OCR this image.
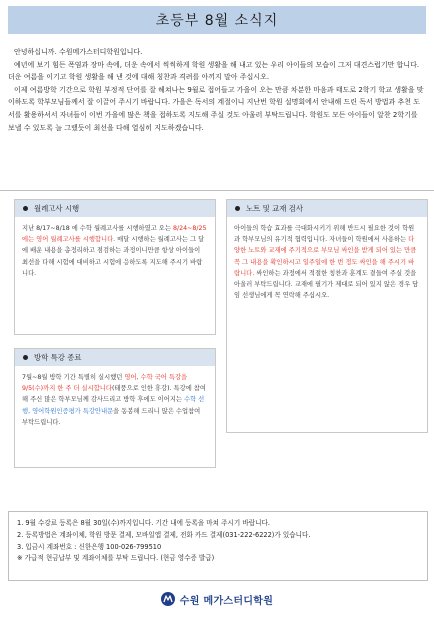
초등부 8월 소식지

안녕하십니까. 수원메가스터디학원입니다.

예년에 보기 힘든 폭염과 장마 속에, 더운 속에서 씩씩하게 학원 생활을 해 내고 있는 우리 아이들의 모습이 그저 대견스럽기만 합니다. 더운 여름을 이기고 학원 생활을 해 낸 것에 대해 칭찬과 격려를 아끼지 말아 주십시오.

이제 여름방학 기간으로 학원 부정적 단어를 잘 헤쳐나는 9월로 접어들고 가을이 오는 만큼 차분한 마음과 태도로 2학기 학교 생활을 맞이하도록 학부모님들께서 잘 이끌어 주시기 바랍니다. 가을은 독서의 계절이니 지난번 학원 설명회에서 안내해 드린 독서 방법과 추천 도서를 활용하셔서 자녀들이 이번 가을에 많은 책을 접하도록 지도해 주실 것도 아울러 부탁드립니다. 학원도 모든 아이들이 알찬 2학기를 보낼 수 있도록 늘 그랬듯이 최선을 다해 열심히 지도하겠습니다.

월례고사 시행
지난 8/17~8/18 에 수학 월례고사를 시행하였고 오는 8/24~8/25 에는 영어 월례고사를 시행합니다. 매달 시행하는 월례고사는 그 달에 배운 내용을 총정리하고 점검하는 과정이니만큼 항상 아이들이 최선을 다해 시험에 대비하고 시험에 응하도록 지도해 주시기 바랍니다.
방학 특강 종료
7월~8월 방학 기간 특별히 실시했던 영어, 수학 국어 특강을 9/5(수)까지 한 주 더 실시합니다(태풍으로 인한 휴강). 특강에 참여해 주신 많은 학부모님께 감사드리고 방학 후에도 이어지는 수학 선행, 영어학원인증평가 특강안내문을 동봉해 드리니 많은 수업참여 부탁드립니다.
노트 및 교재 검사
아이들의 학습 효과를 극대화시키기 위해 반드시 필요한 것이 학원과 학부모님의 유기적 협력입니다. 자녀들이 학원에서 사용하는 다양한 노트와 교재에 주기적으로 부모님 싸인을 받게 되어 있는 만큼 꼭 그 내용을 확인하시고 일주일에 한 번 정도 싸인을 해 주시기 바랍니다. 싸인하는 과정에서 적절한 칭찬과 훈계도 곁들여 주실 것을 아울러 부탁드립니다. 교재에 필기가 제대로 되어 있지 않은 경우 담임 선생님에게 꼭 연락해 주십시오.
1. 9월 수강료 등록은 8월 30일(수)까지입니다. 기간 내에 등록을 마쳐 주시기 바랍니다.
2. 등록방법은 계좌이체, 학원 방문 결제, 모바일앱 결제, 전화 카드 결제(031-222-6222)가 있습니다.
3. 입금시 계좌번호 : 신한은행 100-026-799510
※ 가급적 현금납부 및 계좌이체를 부탁 드립니다. (현금 영수증 발급)
수원 메가스터디학원
